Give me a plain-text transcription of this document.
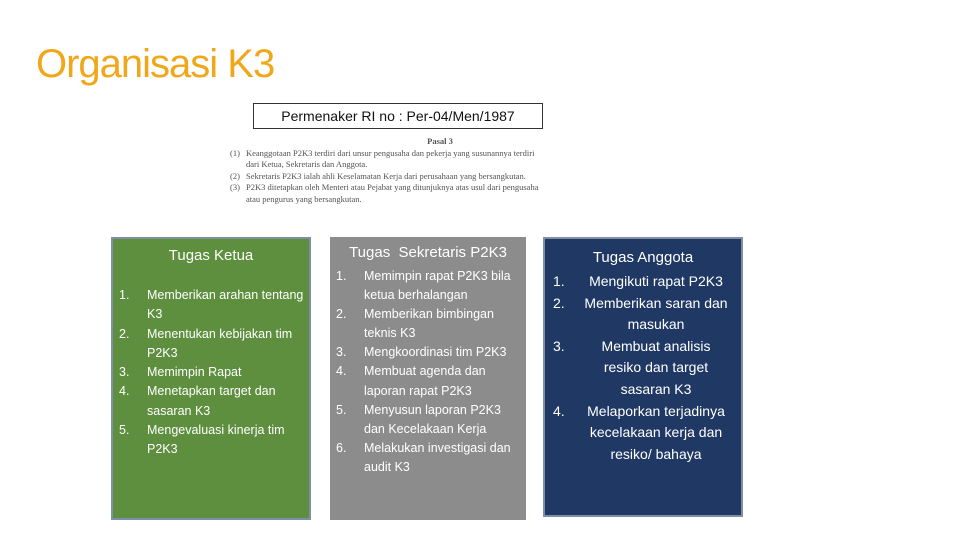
Organisasi K3
Permenaker RI no : Per-04/Men/1987
Pasal 3
(1) Keanggotaan P2K3 terdiri dari unsur pengusaha dan pekerja yang susunannya terdiri
dari Ketua, Sekretaris dan Anggota.
(2) Sekretaris P2K3 ialah ahli Keselamatan Kerja dari perusahaan yang bersangkutan.
(3) P2K3 ditetapkan oleh Menteri atau Pejabat yang ditunjuknya atas usul dari pengusaha
atau pengurus yang bersangkutan.
Tugas Ketua
1.	Memberikan arahan tentang K3
2.	Menentukan kebijakan tim P2K3
3.	Memimpin Rapat
4.	Menetapkan target dan sasaran K3
5.	Mengevaluasi kinerja tim P2K3
Tugas  Sekretaris P2K3
1.	Memimpin rapat P2K3 bila ketua berhalangan
2.	Memberikan bimbingan teknis K3
3.	Mengkoordinasi tim P2K3
4.	Membuat agenda dan laporan rapat P2K3
5.	Menyusun laporan P2K3 dan Kecelakaan Kerja
6.	Melakukan investigasi dan audit K3
Tugas Anggota
1.	Mengikuti rapat P2K3
2.	Memberikan saran dan masukan
3.	Membuat analisis resiko dan target sasaran K3
4.	Melaporkan terjadinya kecelakaan kerja dan resiko/ bahaya
